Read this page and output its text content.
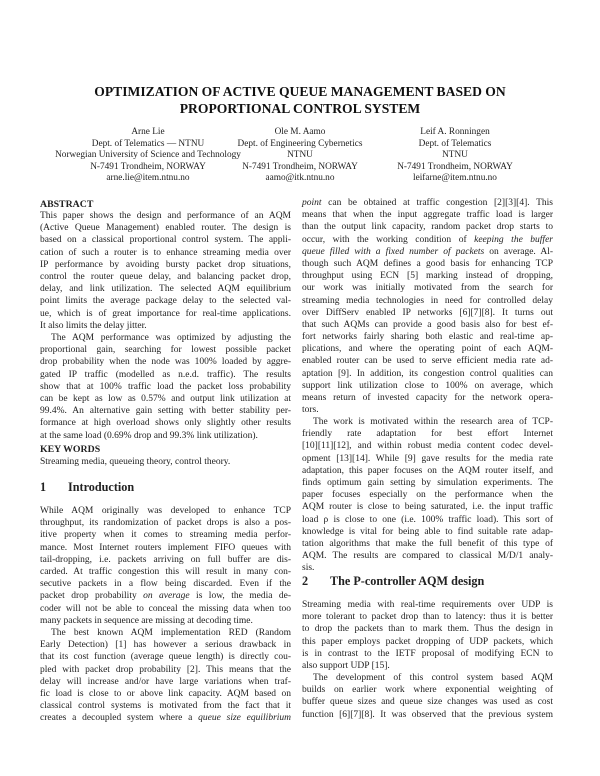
OPTIMIZATION OF ACTIVE QUEUE MANAGEMENT BASED ON
PROPORTIONAL CONTROL SYSTEM
Arne Lie
Dept. of Telematics — NTNU
Norwegian University of Science and Technology
N-7491 Trondheim, NORWAY
arne.lie@item.ntnu.no
Ole M. Aamo
Dept. of Engineering Cybernetics
NTNU
N-7491 Trondheim, NORWAY
aamo@itk.ntnu.no
Leif A. Ronningen
Dept. of Telematics
NTNU
N-7491 Trondheim, NORWAY
leifarne@item.ntnu.no
ABSTRACT
This paper shows the design and performance of an AQM
(Active Queue Management) enabled router. The design is
based on a classical proportional control system. The appli-
cation of such a router is to enhance streaming media over
IP performance by avoiding bursty packet drop situations,
control the router queue delay, and balancing packet drop,
delay, and link utilization. The selected AQM equilibrium
point limits the average package delay to the selected val-
ue, which is of great importance for real-time applications.
It also limits the delay jitter.
The AQM performance was optimized by adjusting the
proportional gain, searching for lowest possible packet
drop probability when the node was 100% loaded by aggre-
gated IP traffic (modelled as n.e.d. traffic). The results
show that at 100% traffic load the packet loss probability
can be kept as low as 0.57% and output link utilization at
99.4%. An alternative gain setting with better stability per-
formance at high overload shows only slightly other results
at the same load (0.69% drop and 99.3% link utilization).
KEY WORDS
Streaming media, queueing theory, control theory.
1 Introduction
While AQM originally was developed to enhance TCP
throughput, its randomization of packet drops is also a pos-
itive property when it comes to streaming media perfor-
mance. Most Internet routers implement FIFO queues with
tail-dropping, i.e. packets arriving on full buffer are dis-
carded. At traffic congestion this will result in many con-
secutive packets in a flow being discarded. Even if the
packet drop probability on average is low, the media de-
coder will not be able to conceal the missing data when too
many packets in sequence are missing at decoding time.
The best known AQM implementation RED (Random
Early Detection) [1] has however a serious drawback in
that its cost function (average queue length) is directly cou-
pled with packet drop probability [2]. This means that the
delay will increase and/or have large variations when traf-
fic load is close to or above link capacity. AQM based on
classical control systems is motivated from the fact that it
creates a decoupled system where a queue size equilibrium
point can be obtained at traffic congestion [2][3][4]. This
means that when the input aggregate traffic load is larger
than the output link capacity, random packet drop starts to
occur, with the working condition of keeping the buffer
queue filled with a fixed number of packets on average. Al-
though such AQM defines a good basis for enhancing TCP
throughput using ECN [5] marking instead of dropping,
our work was initially motivated from the search for
streaming media technologies in need for controlled delay
over DiffServ enabled IP networks [6][7][8]. It turns out
that such AQMs can provide a good basis also for best ef-
fort networks fairly sharing both elastic and real-time ap-
plications, and where the operating point of each AQM-
enabled router can be used to serve efficient media rate ad-
aptation [9]. In addition, its congestion control qualities can
support link utilization close to 100% on average, which
means return of invested capacity for the network opera-
tors.
The work is motivated within the research area of TCP-
friendly rate adaptation for best effort Internet
[10][11][12], and within robust media content codec devel-
opment [13][14]. While [9] gave results for the media rate
adaptation, this paper focuses on the AQM router itself, and
finds optimum gain setting by simulation experiments. The
paper focuses especially on the performance when the
AQM router is close to being saturated, i.e. the input traffic
load ρ is close to one (i.e. 100% traffic load). This sort of
knowledge is vital for being able to find suitable rate adap-
tation algorithms that make the full benefit of this type of
AQM. The results are compared to classical M/D/1 analy-
sis.
2 The P-controller AQM design
Streaming media with real-time requirements over UDP is
more tolerant to packet drop than to latency: thus it is better
to drop the packets than to mark them. Thus the design in
this paper employs packet dropping of UDP packets, which
is in contrast to the IETF proposal of modifying ECN to
also support UDP [15].
The development of this control system based AQM
builds on earlier work where exponential weighting of
buffer queue sizes and queue size changes was used as cost
function [6][7][8]. It was observed that the previous system
